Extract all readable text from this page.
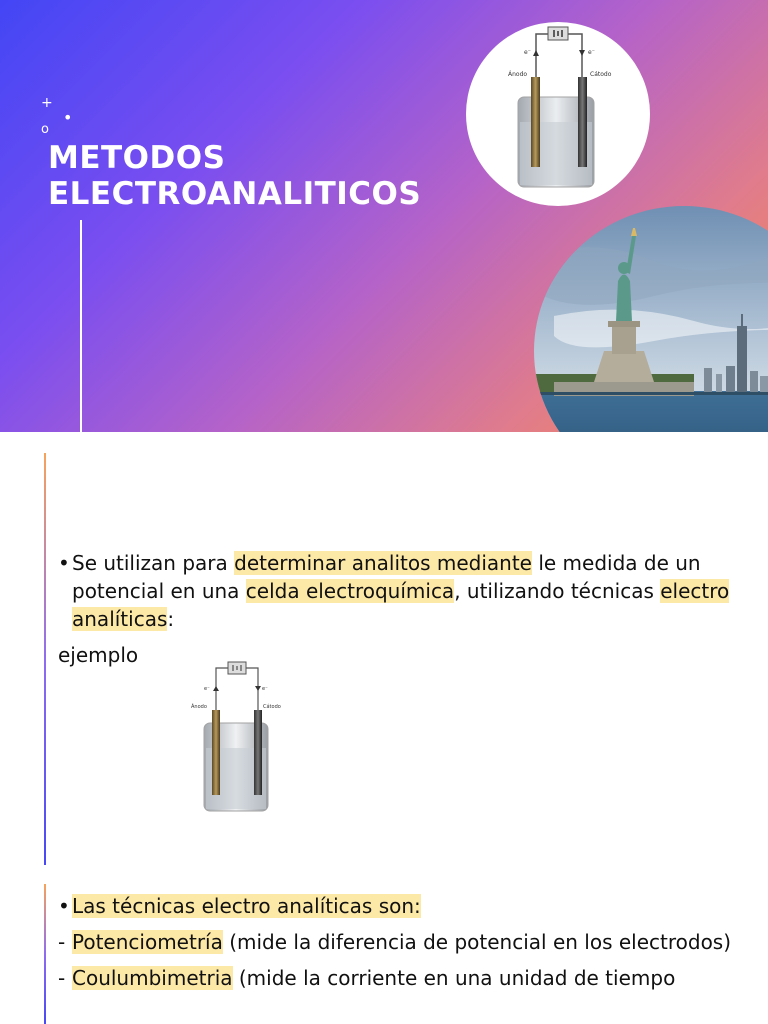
+
•
o
METODOS
ELECTROANALITICOS
e⁻	e⁻
Ánodo	Cátodo
• Se utilizan para determinar analitos mediante le medida de un potencial en una celda electroquímica, utilizando técnicas electro analíticas:
ejemplo
e⁻	e⁻
Ánodo	Cátodo
• Las técnicas electro analíticas son:
- Potenciometría (mide la diferencia de potencial en los electrodos)
- Coulumbimetria (mide la corriente en una unidad de tiempo
